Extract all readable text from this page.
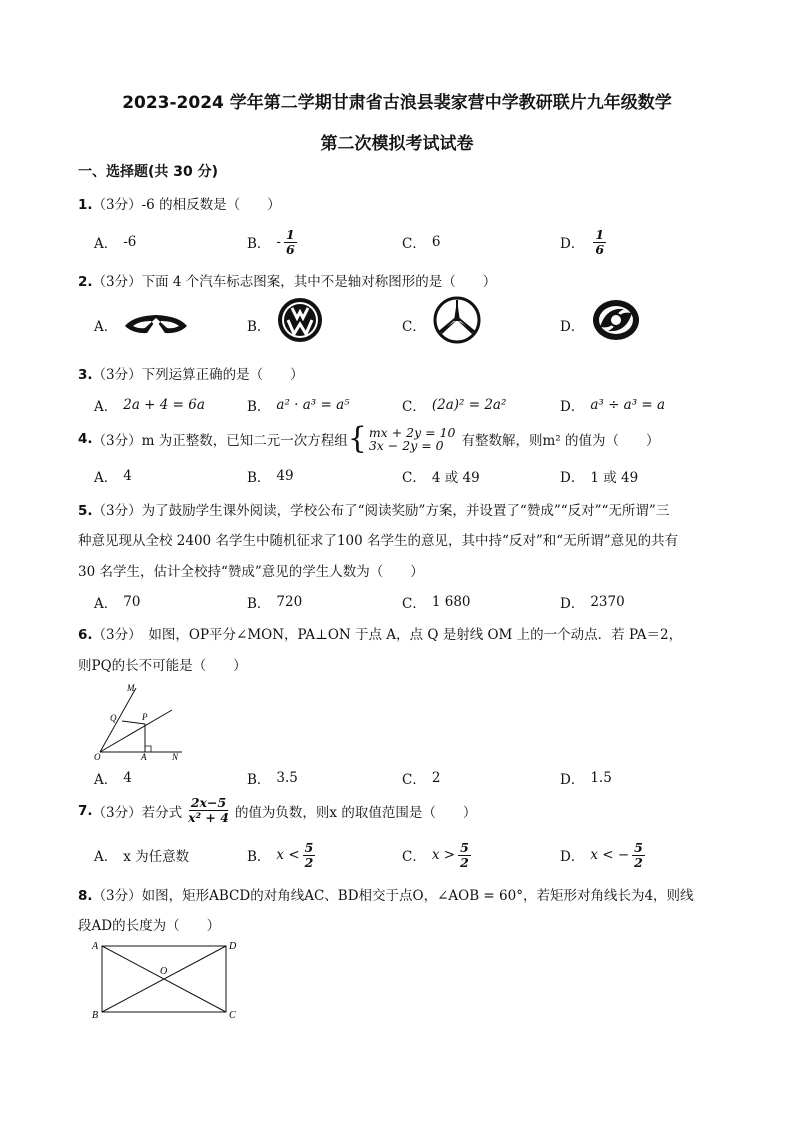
2023-2024 学年第二学期甘肃省古浪县裴家营中学教研联片九年级数学
第二次模拟考试试卷
一、选择题(共 30 分)
1.（3分）-6 的相反数是（　　）
A． -6	B． - $\frac{1}{6}$	C． 6	D． $\frac{1}{6}$
2.（3分）下面 4 个汽车标志图案，其中不是轴对称图形的是（　　）
A．	B．	C．	D．
3.（3分）下列运算正确的是（　　）
A． 2a + 4 = 6a	B． a² · a³ = a⁵	C． (2a)² = 2a²	D． a³ ÷ a³ = a
4. （3分） m 为正整数，已知二元一次方程组 { mx + 2y = 10
3x − 2y = 0	有整数解，则m² 的值为（　　）
A． 4	B． 49	C． 4 或 49	D． 1 或 49
5.（3分）为了鼓励学生课外阅读，学校公布了“阅读奖励”方案，并设置了“赞成”“反对”“无所谓”三
种意见现从全校 2400 名学生中随机征求了100 名学生的意见，其中持“反对”和“无所谓”意见的共有
30 名学生，估计全校持“赞成”意见的学生人数为（　　）
A． 70	B． 720	C． 1 680	D． 2370
6.（3分）　如图，OP平分∠MON，PA⊥ON 于点 A，点 Q 是射线 OM 上的一个动点．若 PA＝2，
则PQ的长不可能是（　　）
M
Q	P
O	A	N
A． 4	B． 3.5	C． 2	D． 1.5
7. （3分） 若分式 $\frac{2x-5}{\text{x² + 4}}$ 的值为负数，则x 的取值范围是（　　）
A． x 为任意数	B． $x < \frac{5}{2}$	C． $x > \frac{5}{2}$	D． x < − $\frac{5}{2}$
8.（3分）如图，矩形ABCD的对角线AC、BD相交于点O，∠AOB = 60°，若矩形对角线长为4，则线
段AD的长度为（　　）
A	D
O
B	C
